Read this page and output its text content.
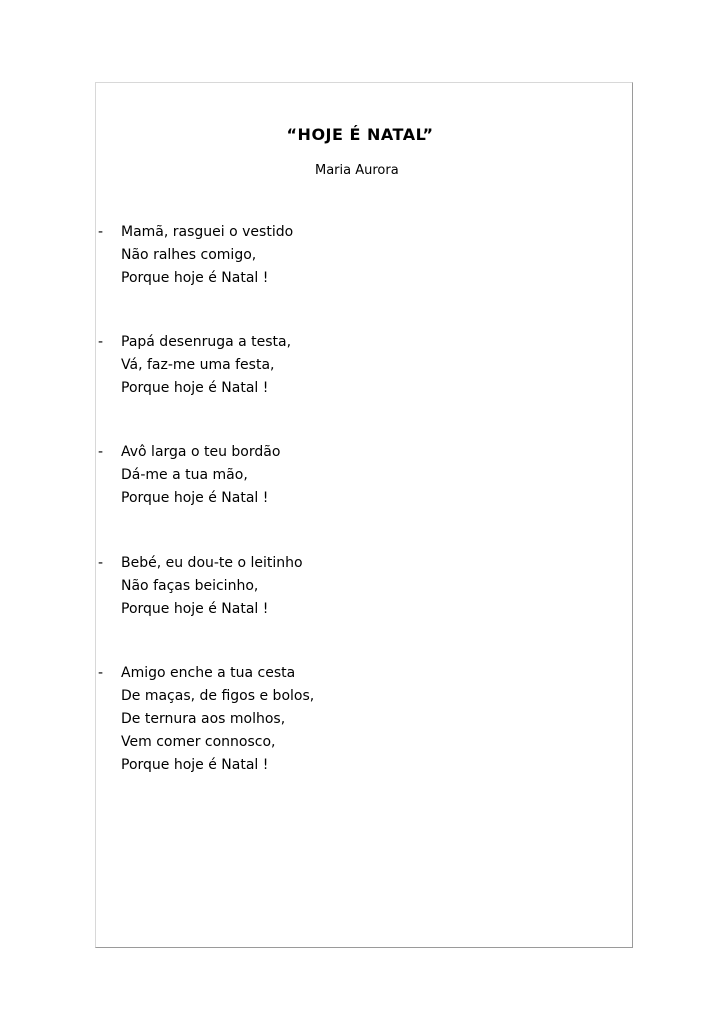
“HOJE É NATAL”
Maria Aurora
- Mamã, rasguei o vestido
Não ralhes comigo,
Porque hoje é Natal !
- Papá desenruga a testa,
Vá, faz-me uma festa,
Porque hoje é Natal !
- Avô larga o teu bordão
Dá-me a tua mão,
Porque hoje é Natal !
- Bebé, eu dou-te o leitinho
Não faças beicinho,
Porque hoje é Natal !
- Amigo enche a tua cesta
De maças, de figos e bolos,
De ternura aos molhos,
Vem comer connosco,
Porque hoje é Natal !
